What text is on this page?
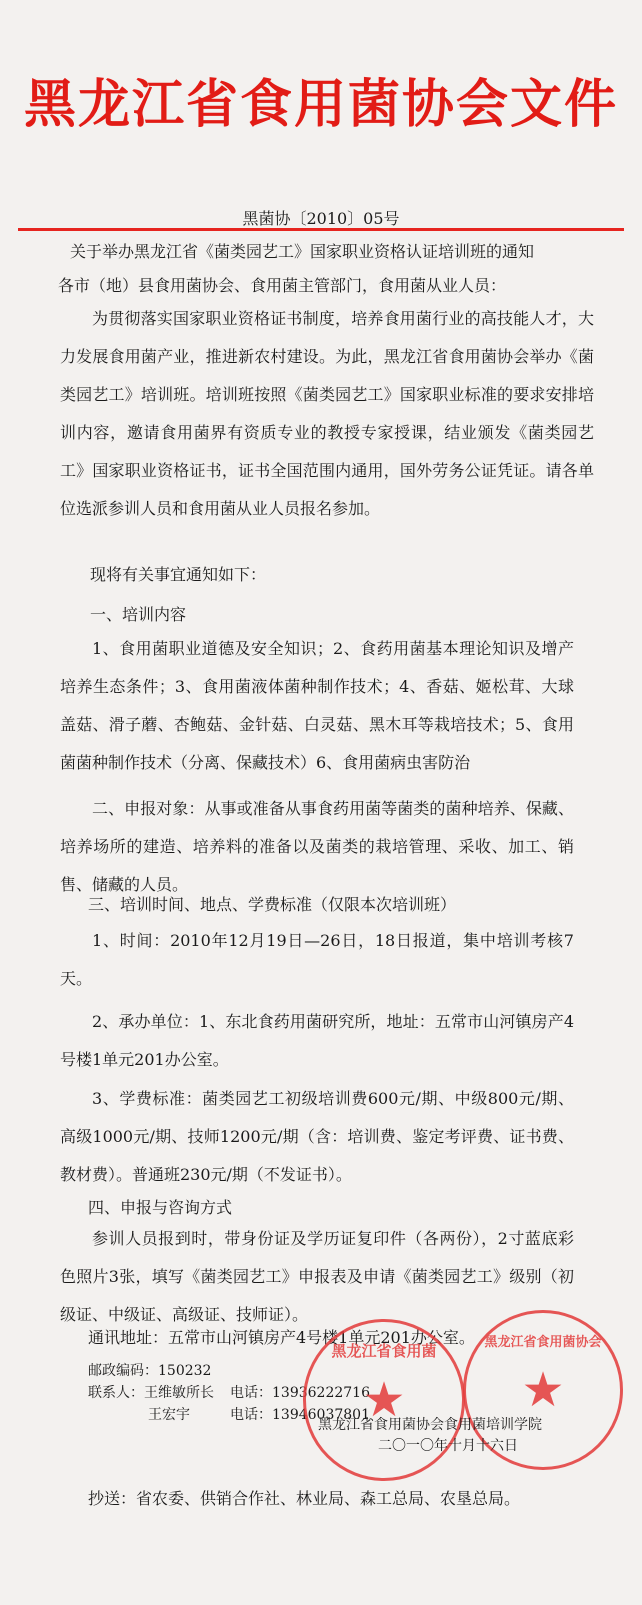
黑龙江省食用菌协会文件
黑菌协〔2010〕05号
关于举办黑龙江省《菌类园艺工》国家职业资格认证培训班的通知
各市（地）县食用菌协会、食用菌主管部门，食用菌从业人员：
为贯彻落实国家职业资格证书制度，培养食用菌行业的高技能人才，大力发展食用菌产业，推进新农村建设。为此，黑龙江省食用菌协会举办《菌类园艺工》培训班。培训班按照《菌类园艺工》国家职业标准的要求安排培训内容，邀请食用菌界有资质专业的教授专家授课，结业颁发《菌类园艺工》国家职业资格证书，证书全国范围内通用，国外劳务公证凭证。请各单位选派参训人员和食用菌从业人员报名参加。
现将有关事宜通知如下：
一、培训内容
1、食用菌职业道德及安全知识；2、食药用菌基本理论知识及增产培养生态条件；3、食用菌液体菌种制作技术；4、香菇、姬松茸、大球盖菇、滑子蘑、杏鲍菇、金针菇、白灵菇、黑木耳等栽培技术；5、食用菌菌种制作技术（分离、保藏技术）6、食用菌病虫害防治
二、申报对象：从事或准备从事食药用菌等菌类的菌种培养、保藏、培养场所的建造、培养料的准备以及菌类的栽培管理、采收、加工、销售、储藏的人员。
三、培训时间、地点、学费标准（仅限本次培训班）
1、时间：2010年12月19日—26日，18日报道，集中培训考核7天。
2、承办单位：1、东北食药用菌研究所，地址：五常市山河镇房产4号楼1单元201办公室。
3、学费标准：菌类园艺工初级培训费600元/期、中级800元/期、高级1000元/期、技师1200元/期（含：培训费、鉴定考评费、证书费、教材费）。普通班230元/期（不发证书）。
四、申报与咨询方式
参训人员报到时，带身份证及学历证复印件（各两份），2寸蓝底彩色照片3张，填写《菌类园艺工》申报表及申请《菌类园艺工》级别（初级证、中级证、高级证、技师证）。
通讯地址：五常市山河镇房产4号楼1单元201办公室。
邮政编码：150232
联系人：王维敏所长 电话：13936222716
王宏宇	电话：13946037801
黑龙江省食用菌
★
黑龙江省食用菌协会
★
黑龙江省食用菌协会食用菌培训学院
二〇一〇年十月十六日
抄送：省农委、供销合作社、林业局、森工总局、农垦总局。
